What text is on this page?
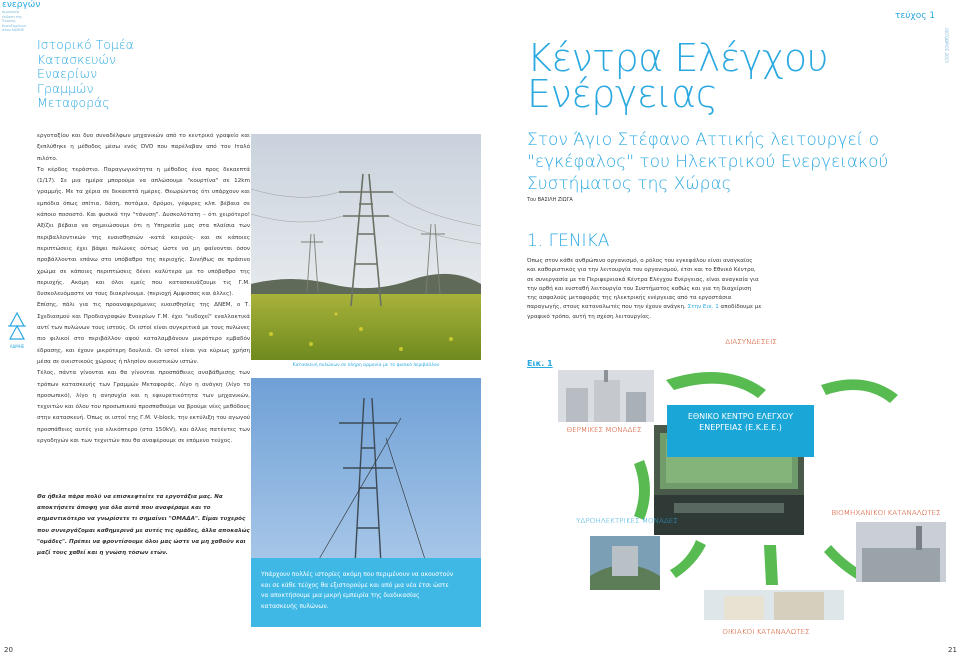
ενεργών
Διμηνιαία έκδοση της Ένωσης Εργαζομένων στον ΑΔΜΗΕ
Ιστορικό Τομέα Κατασκευών Εναερίων Γραμμών Μεταφοράς
ΑΔΜΗΕ

εργοταξίου και δυο συναδέλφων μηχανικών από το κεντρικό γραφείο και ξεπλύθηκε η μέθοδος μέσω ενός DVD που παρέλαβαν από τον Ιταλό πιλότο.

Το κέρδος τεράστιο. Παραγωγικότητα η μέθοδος ένα προς δεκαεπτά (1/17). Σε μια ημέρα μπορούμε να απλώσουμε "κουρτίνα" σε 12km γραμμής. Με τα χέρια σε δεκαεπτά ημέρες. Θεωρώντας ότι υπάρχουν και εμπόδια όπως σπίτια, δάση, ποτάμια, δρόμοι, γέφυρες κλπ. βέβαια σε κάποιο ποσοστό. Και φυσικά την "τάνυση". Δυσκολότατη – ότι χειρότερο! Αξίζει βέβαια να σημειώσουμε ότι η Υπηρεσία μας στα πλαίσια των περιβαλλοντικών της ευαισθησιών -κατά καιρούς- και σε κάποιες περιπτώσεις έχει βάψει πυλώνες ούτως ώστε να μη φαίνονται όσον προβάλλονται επάνω στο υπόβαθρο της περιοχής. Συνήθως σε πράσινο χρώμα σε κάποιες περιπτώσεις δένει καλύτερα με το υπόβαθρο της περιοχής. Ακόμη και όλοι εμείς που κατασκευάζουμε τις Γ.Μ. δυσκολευόμαστε να τους διακρίνουμε. (περιοχή Αμφισσας και άλλες).

Επίσης, πάλι για τις προαναφερόμενες ευαισθησίες της ΔΝΕΜ, ο Τ. Σχεδιασμού και Προδιαγραφών Εναερίων Γ.Μ. έχει "ευδοχεί" εναλλακτικά αντί των πυλώνων τους ιστούς. Οι ιστοί είναι συγκριτικά με τους πυλώνες πιο φιλικοί στο περιβάλλον αφού καταλαμβάνουν μικρότερο εμβαδόν έδρασης, και έχουν μικρότερη δουλειά. Οι ιστοί είναι για κύριως χρήση μέσα σε οικιστικούς χώρους ή πλησίον οικιστικών ιστών.

Τέλος, πάντα γίνονται και θα γίνονται προσπάθειες αναβάθμισης των τρόπων κατασκευής των Γραμμών Μεταφοράς. Λίγο η ανάγκη (λίγο το προσωπικό), λίγο η ανησυχία και η εφευρετικότητα των μηχανικών, τεχνιτών και όλου του προσωπικού προσπαθούμε να βρούμε νέες μεθόδους στην κατασκευή. Όπως οι ιστοί της Γ.Μ. V-block, την εκτύλιξη του αγωγού προσπάθειες αυτές για ελικόπτερο (στα 150kV), και άλλες πατέντες των εργοδηγών και των τεχνιτών που θα αναφέρουμε σε επόμενο τεύχος.

Θα ήθελα πάρα πολύ να επισκεφτείτε τα εργοτάξια μας. Να αποκτήσετε άποψη για όλα αυτά που αναφέραμε και το σημαντικότερο να γνωρίσετε τι σημαίνει "ΟΜΑΔΑ". Είμαι τυχερός που συνεργάζομαι καθημερινά με αυτές τις ομάδες, άλλα αποκαλώς "ομάδες". Πρέπει να φροντίσουμε όλοι μας ώστε να μη χαθούν και μαζί τους χαθεί και η γνώση τόσων ετών.
Κατασκευή πυλώνων σε πλήρη αρμονία με το φυσικό περιβάλλον
Υπάρχουν πολλές ιστορίες ακόμη που περιμένουν να ακουστούν και σε κάθε τεύχος θα εξιστορούμε και από μια νέα έτσι ώστε να αποκτήσουμε μια μικρή εμπειρία της διαδικασίας κατασκευής πυλώνων.
20
τεύχος 1
ΟΚΤΩΒΡΙΟΣ 2015
Κέντρα Ελέγχου Ενέργειας
Στον Άγιο Στέφανο Αττικής λειτουργεί ο "εγκέφαλος" του Ηλεκτρικού Ενεργειακού Συστήματος της Χώρας
Του ΒΑΣΙΛΗ ΖΙΩΓΑ
1. ΓΕΝΙΚΑ
Όπως στον κάθε ανθρώπινο οργανισμό, ο ρόλος του εγκεφάλου είναι αναγκαίος και καθοριστικός για την λειτουργία του οργανισμού, έτσι και το Εθνικό Κέντρο, σε συνεργασία με τα Περιφερειακά Κέντρα Ελέγχου Ενέργειας, είναι αναγκαία για την ορθή και ευσταθή λειτουργία του Συστήματος καθώς και για τη διαχείριση της ασφαλούς μεταφοράς της ηλεκτρικής ενέργειας από τα εργοστάσια παραγωγής, στους καταναλωτές που την έχουν ανάγκη. Στην Εικ. 1 αποδίδουμε με γραφικό τρόπο, αυτή τη σχέση λειτουργίας.
Εικ. 1
ΔΙΑΣΥΝΔΕΣΕΙΣ
ΘΕΡΜΙΚΕΣ ΜΟΝΑΔΕΣ
ΕΘΝΙΚΟ ΚΕΝΤΡΟ ΕΛΕΓΧΟΥ ΕΝΕΡΓΕΙΑΣ (Ε.Κ.Ε.Ε.)
ΥΔΡΟΗΛΕΚΤΡΙΚΕΣ ΜΟΝΑΔΕΣ
ΒΙΟΜΗΧΑΝΙΚΟΙ ΚΑΤΑΝΑΛΩΤΕΣ
ΟΙΚΙΑΚΟΙ ΚΑΤΑΝΑΛΩΤΕΣ
21
